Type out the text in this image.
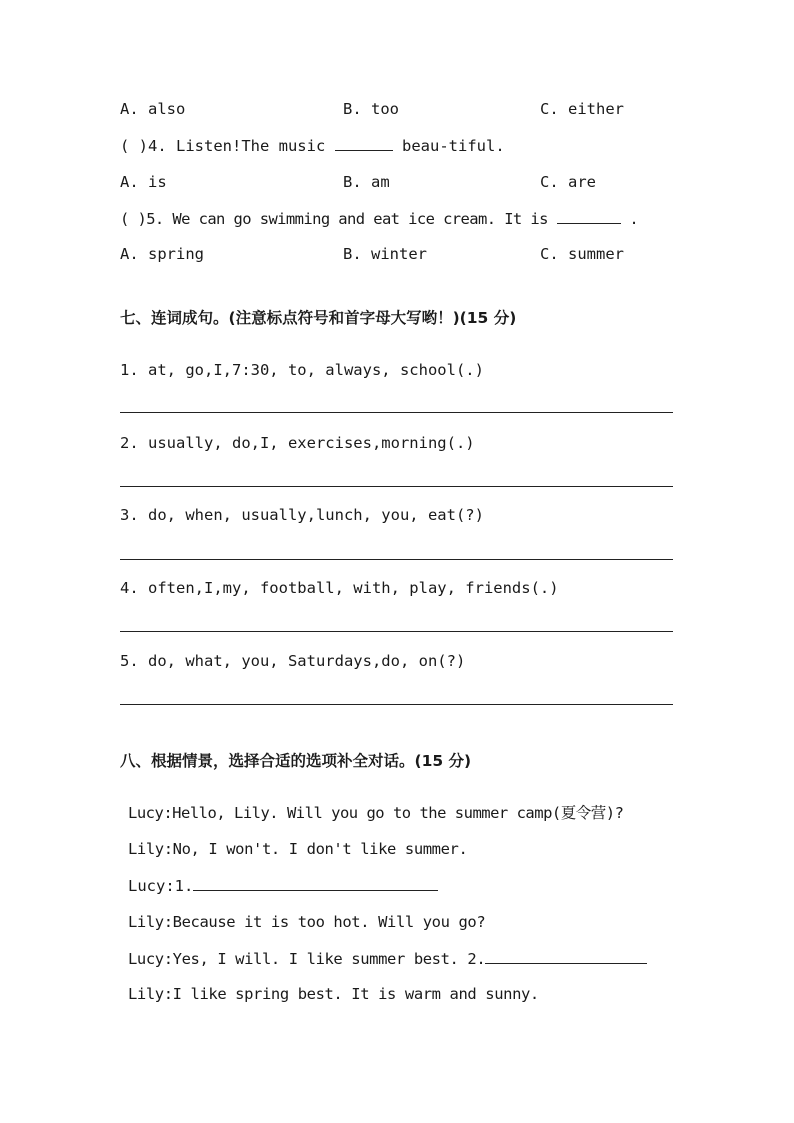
A. also	B. too	C. either
( )4. Listen!The music	beau-tiful.
A. is	B. am	C. are
( )5. We can go swimming and eat ice cream. It is	.
A. spring	B. winter	C. summer
七、连词成句。(注意标点符号和首字母大写哟！)(15 分)
1. at, go,I,7:30, to, always, school(.)
2. usually, do,I, exercises,morning(.)
3. do, when, usually,lunch, you, eat(?)
4. often,I,my, football, with, play, friends(.)
5. do, what, you, Saturdays,do, on(?)
八、根据情景，选择合适的选项补全对话。(15 分)
Lucy:Hello, Lily. Will you go to the summer camp(夏令营)?
Lily:No, I won't. I don't like summer.
Lucy:1.
Lily:Because it is too hot. Will you go?
Lucy:Yes, I will. I like summer best. 2.
Lily:I like spring best. It is warm and sunny.
